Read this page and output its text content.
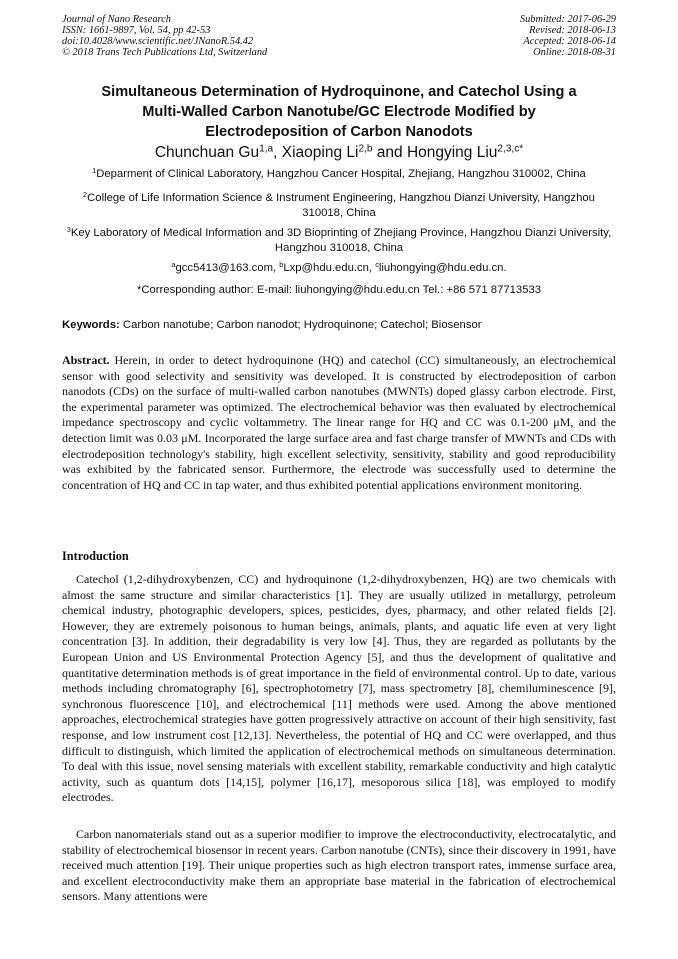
Journal of Nano Research
ISSN: 1661-9897, Vol. 54, pp 42-53
doi:10.4028/www.scientific.net/JNanoR.54.42
© 2018 Trans Tech Publications Ltd, Switzerland
Submitted: 2017-06-29
Revised: 2018-06-13
Accepted: 2018-06-14
Online: 2018-08-31
Simultaneous Determination of Hydroquinone, and Catechol Using a
Multi-Walled Carbon Nanotube/GC Electrode Modified by
Electrodeposition of Carbon Nanodots
Chunchuan Gu$^{1,a}$, Xiaoping Li$^{2,b}$ and Hongying Liu$^{2,3,c*}$
$^1$Deparment of Clinical Laboratory, Hangzhou Cancer Hospital, Zhejiang, Hangzhou 310002, China
$^2$College of Life Information Science & Instrument Engineering, Hangzhou Dianzi University, Hangzhou 310018, China
$^3$Key Laboratory of Medical Information and 3D Bioprinting of Zhejiang Province, Hangzhou Dianzi University, Hangzhou 310018, China
$^a$gcc5413@163.com, $^b$Lxp@hdu.edu.cn, $^c$liuhongying@hdu.edu.cn.
*Corresponding author: E-mail: liuhongying@hdu.edu.cn Tel.: +86 571 87713533
Keywords: Carbon nanotube; Carbon nanodot; Hydroquinone; Catechol; Biosensor
Abstract. Herein, in order to detect hydroquinone (HQ) and catechol (CC) simultaneously, an electrochemical sensor with good selectivity and sensitivity was developed. It is constructed by electrodeposition of carbon nanodots (CDs) on the surface of multi-walled carbon nanotubes (MWNTs) doped glassy carbon electrode. First, the experimental parameter was optimized. The electrochemical behavior was then evaluated by electrochemical impedance spectroscopy and cyclic voltammetry. The linear range for HQ and CC was 0.1-200 μM, and the detection limit was 0.03 μM. Incorporated the large surface area and fast charge transfer of MWNTs and CDs with electrodeposition technology's stability, high excellent selectivity, sensitivity, stability and good reproducibility was exhibited by the fabricated sensor. Furthermore, the electrode was successfully used to determine the concentration of HQ and CC in tap water, and thus exhibited potential applications environment monitoring.
Introduction
Catechol (1,2-dihydroxybenzen, CC) and hydroquinone (1,2-dihydroxybenzen, HQ) are two chemicals with almost the same structure and similar characteristics [1]. They are usually utilized in metallurgy, petroleum chemical industry, photographic developers, spices, pesticides, dyes, pharmacy, and other related fields [2]. However, they are extremely poisonous to human beings, animals, plants, and aquatic life even at very light concentration [3]. In addition, their degradability is very low [4]. Thus, they are regarded as pollutants by the European Union and US Environmental Protection Agency [5], and thus the development of qualitative and quantitative determination methods is of great importance in the field of environmental control. Up to date, various methods including chromatography [6], spectrophotometry [7], mass spectrometry [8], chemiluminescence [9], synchronous fluorescence [10], and electrochemical [11] methods were used. Among the above mentioned approaches, electrochemical strategies have gotten progressively attractive on account of their high sensitivity, fast response, and low instrument cost [12,13]. Nevertheless, the potential of HQ and CC were overlapped, and thus difficult to distinguish, which limited the application of electrochemical methods on simultaneous determination. To deal with this issue, novel sensing materials with excellent stability, remarkable conductivity and high catalytic activity, such as quantum dots [14,15], polymer [16,17], mesoporous silica [18], was employed to modify electrodes.
Carbon nanomaterials stand out as a superior modifier to improve the electroconductivity, electrocatalytic, and stability of electrochemical biosensor in recent years. Carbon nanotube (CNTs), since their discovery in 1991, have received much attention [19]. Their unique properties such as high electron transport rates, immense surface area, and excellent electroconductivity make them an appropriate base material in the fabrication of electrochemical sensors. Many attentions were
